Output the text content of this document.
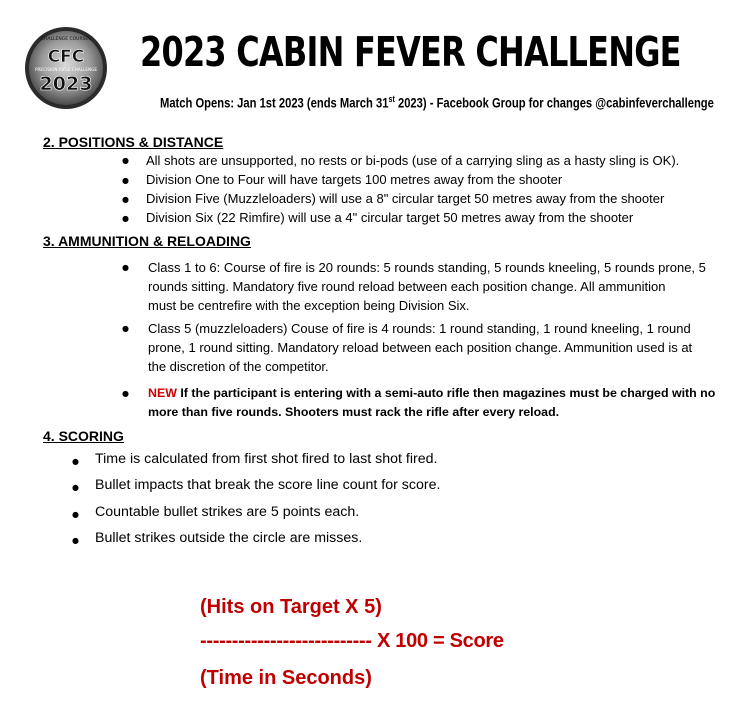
CHALLENGE COURSES
CFC
PRECISION RIFLE CHALLENGE
2023
2023 CABIN FEVER CHALLENGE
Match Opens: Jan 1st 2023 (ends March 31st 2023) - Facebook Group for changes @cabinfeverchallenge
2. POSITIONS & DISTANCE
● All shots are unsupported, no rests or bi-pods (use of a carrying sling as a hasty sling is OK).
● Division One to Four will have targets 100 metres away from the shooter
● Division Five (Muzzleloaders) will use a 8" circular target 50 metres away from the shooter
● Division Six (22 Rimfire) will use a 4" circular target 50 metres away from the shooter
3. AMMUNITION & RELOADING
● Class 1 to 6: Course of fire is 20 rounds: 5 rounds standing, 5 rounds kneeling, 5 rounds prone, 5
rounds sitting. Mandatory five round reload between each position change. All ammunition
must be centrefire with the exception being Division Six.
● Class 5 (muzzleloaders) Couse of fire is 4 rounds: 1 round standing, 1 round kneeling, 1 round
prone, 1 round sitting. Mandatory reload between each position change. Ammunition used is at
the discretion of the competitor.
● NEW If the participant is entering with a semi-auto rifle then magazines must be charged with no
more than five rounds. Shooters must rack the rifle after every reload.
4. SCORING
● Time is calculated from first shot fired to last shot fired.
● Bullet impacts that break the score line count for score.
● Countable bullet strikes are 5 points each.
● Bullet strikes outside the circle are misses.
(Hits on Target X 5)
--------------------------- X 100 = Score
(Time in Seconds)
